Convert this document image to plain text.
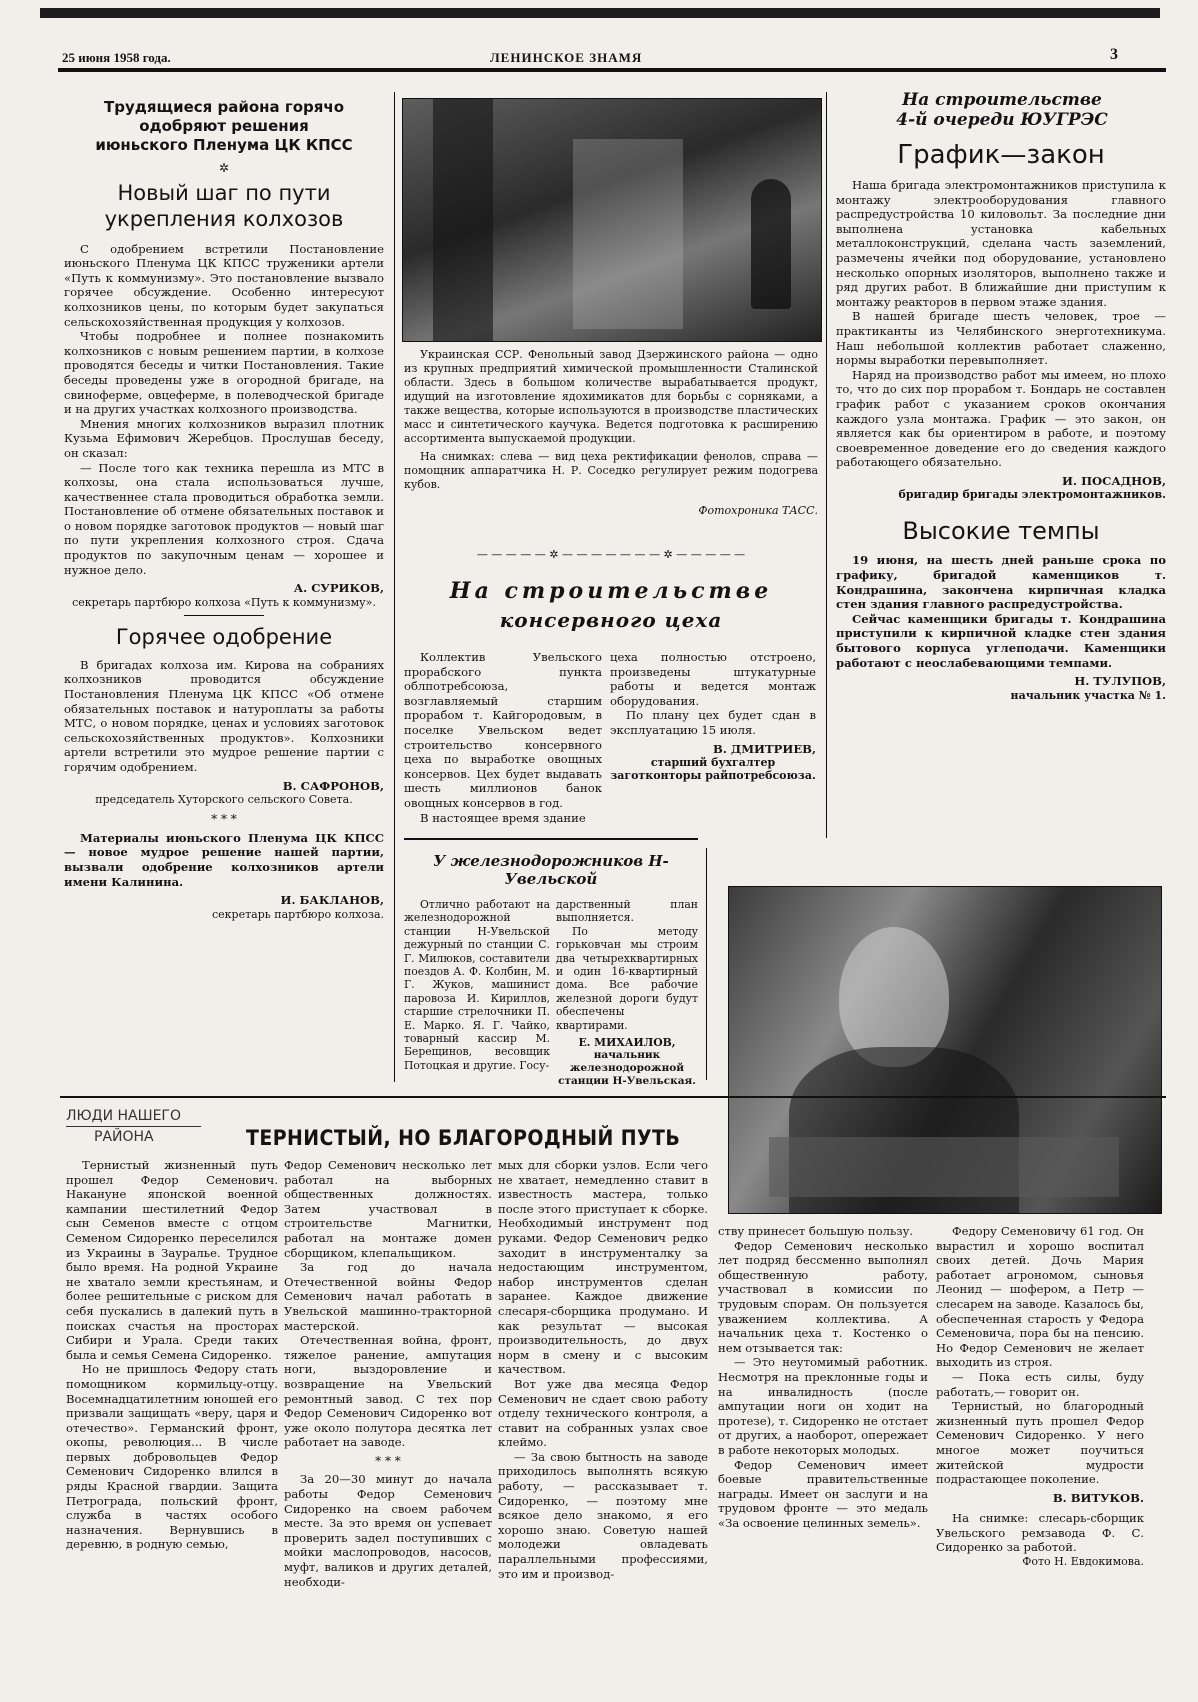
25 июня 1958 года.	ЛЕНИНСКОЕ ЗНАМЯ	3
Трудящиеся района горячо одобряют решения июньского Пленума ЦК КПСС
✲
Новый шаг по пути укрепления колхозов

С одобрением встретили Постановление июньского Пленума ЦК КПСС труженики артели «Путь к коммунизму». Это постановление вызвало горячее обсуждение. Особенно интересуют колхозников цены, по которым будет закупаться сельскохозяйственная продукция у колхозов.

Чтобы подробнее и полнее познакомить колхозников с новым решением партии, в колхозе проводятся беседы и читки Постановления. Такие беседы проведены уже в огородной бригаде, на свиноферме, овцеферме, в полеводческой бригаде и на других участках колхозного производства.

Мнения многих колхозников выразил плотник Кузьма Ефимович Жеребцов. Прослушав беседу, он сказал:

— После того как техника перешла из МТС в колхозы, она стала использоваться лучше, качественнее стала проводиться обработка земли. Постановление об отмене обязательных поставок и о новом порядке заготовок продуктов — новый шаг по пути укрепления колхозного строя. Сдача продуктов по закупочным ценам — хорошее и нужное дело.

А. СУРИКОВ,
секретарь партбюро колхоза «Путь к коммунизму».
Горячее одобрение

В бригадах колхоза им. Кирова на собраниях колхозников проводится обсуждение Постановления Пленума ЦК КПСС «Об отмене обязательных поставок и натуроплаты за работы МТС, о новом порядке, ценах и условиях заготовок сельскохозяйственных продуктов». Колхозники артели встретили это мудрое решение партии с горячим одобрением.

В. САФРОНОВ,
председатель Хуторского сельского Совета.
* * *

Материалы июньского Пленума ЦК КПСС — новое мудрое решение нашей партии, вызвали одобрение колхозников артели имени Калинина.

И. БАКЛАНОВ,
секретарь партбюро колхоза.

Украинская ССР. Фенольный завод Дзержинского района — одно из крупных предприятий химической промышленности Сталинской области. Здесь в большом количестве вырабатывается продукт, идущий на изготовление ядохимикатов для борьбы с сорняками, а также вещества, которые используются в производстве пластических масс и синтетического каучука. Ведется подготовка к расширению ассортимента выпускаемой продукции.

На снимках: слева — вид цеха ректификации фенолов, справа — помощник аппаратчика Н. Р. Соседко регулирует режим подогрева кубов.

Фотохроника ТАСС.
— — — — — ✲ — — — — — — — ✲ — — — — —
На строительстве
консервного цеха

Коллектив Увельского прорабского пункта облпотребсоюза, возглавляемый старшим прорабом т. Кайгородовым, в поселке Увельском ведет строительство консервного цеха по выработке овощных консервов. Цех будет выдавать шесть миллионов банок овощных консервов в год.

В настоящее время здание

цеха полностью отстроено, произведены штукатурные работы и ведется монтаж оборудования.

По плану цех будет сдан в эксплуатацию 15 июля.

В. ДМИТРИЕВ,
старший бухгалтер заготконторы райпотребсоюза.
У железнодорожников Н-Увельской

Отлично работают на железнодорожной станции Н-Увельской дежурный по станции С. Г. Милюков, составители поездов А. Ф. Колбин, М. Г. Жуков, машинист паровоза И. Кириллов, старшие стрелочники П. Е. Марко. Я. Г. Чайко, товарный кассир М. Берещинов, весовщик Потоцкая и другие. Госу-

дарственный план выполняется.

По методу горьковчан мы строим два четырехквартирных и один 16-квартирный дома. Все рабочие железной дороги будут обеспечены квартирами.

Е. МИХАИЛОВ,
начальник железнодорожной станции Н-Увельская.
На строительстве
4-й очереди ЮУГРЭС
График—закон

Наша бригада электромонтажников приступила к монтажу электрооборудования главного распредустройства 10 киловольт. За последние дни выполнена установка кабельных металлоконструкций, сделана часть заземлений, размечены ячейки под оборудование, установлено несколько опорных изоляторов, выполнено также и ряд других работ. В ближайшие дни приступим к монтажу реакторов в первом этаже здания.

В нашей бригаде шесть человек, трое — практиканты из Челябинского энерготехникума. Наш небольшой коллектив работает слаженно, нормы выработки перевыполняет.

Наряд на производство работ мы имеем, но плохо то, что до сих пор прорабом т. Бондарь не составлен график работ с указанием сроков окончания каждого узла монтажа. График — это закон, он является как бы ориентиром в работе, и поэтому своевременное доведение его до сведения каждого работающего обязательно.

И. ПОСАДНОВ,
бригадир бригады электромонтажников.
Высокие темпы

19 июня, на шесть дней раньше срока по графику, бригадой каменщиков т. Кондрашина, закончена кирпичная кладка стен здания главного распредустройства.

Сейчас каменщики бригады т. Кондрашина приступили к кирпичной кладке стен здания бытового корпуса углеподачи. Каменщики работают с неослабевающими темпами.

Н. ТУЛУПОВ,
начальник участка № 1.
ЛЮДИ НАШЕГО
РАЙОНА	ТЕРНИСТЫЙ, НО БЛАГОРОДНЫЙ ПУТЬ

Тернистый жизненный путь прошел Федор Семенович. Накануне японской военной кампании шестилетний Федор сын Семенов вместе с отцом Семеном Сидоренко переселился из Украины в Зауралье. Трудное было время. На родной Украине не хватало земли крестьянам, и более решительные с риском для себя пускались в далекий путь в поисках счастья на просторах Сибири и Урала. Среди таких была и семья Семена Сидоренко.

Но не пришлось Федору стать помощником кормильцу-отцу. Восемнадцатилетним юношей его призвали защищать «веру, царя и отечество». Германский фронт, окопы, революция... В числе первых добровольцев Федор Семенович Сидоренко влился в ряды Красной гвардии. Защита Петрограда, польский фронт, служба в частях особого назначения. Вернувшись в деревню, в родную семью,

Федор Семенович несколько лет работал на выборных общественных должностях. Затем участвовал в строительстве Магнитки, работал на монтаже домен сборщиком, клепальщиком.

За год до начала Отечественной войны Федор Семенович начал работать в Увельской машинно-тракторной мастерской.

Отечественная война, фронт, тяжелое ранение, ампутация ноги, выздоровление и возвращение на Увельский ремонтный завод. С тех пор Федор Семенович Сидоренко вот уже около полутора десятка лет работает на заводе.

* * *

За 20—30 минут до начала работы Федор Семенович Сидоренко на своем рабочем месте. За это время он успевает проверить задел поступивших с мойки маслопроводов, насосов, муфт, валиков и других деталей, необходи-

мых для сборки узлов. Если чего не хватает, немедленно ставит в известность мастера, только после этого приступает к сборке. Необходимый инструмент под руками. Федор Семенович редко заходит в инструменталку за недостающим инструментом, набор инструментов сделан заранее. Каждое движение слесаря-сборщика продумано. И как результат — высокая производительность, до двух норм в смену и с высоким качеством.

Вот уже два месяца Федор Семенович не сдает свою работу отделу технического контроля, а ставит на собранных узлах свое клеймо.

— За свою бытность на заводе приходилось выполнять всякую работу, — рассказывает т. Сидоренко, — поэтому мне всякое дело знакомо, я его хорошо знаю. Советую нашей молодежи овладевать параллельными профессиями, это им и производ-

ству принесет большую пользу.

Федор Семенович несколько лет подряд бессменно выполнял общественную работу, участвовал в комиссии по трудовым спорам. Он пользуется уважением коллектива. А начальник цеха т. Костенко о нем отзывается так:

— Это неутомимый работник. Несмотря на преклонные годы и на инвалидность (после ампутации ноги он ходит на протезе), т. Сидоренко не отстает от других, а наоборот, опережает в работе некоторых молодых.

Федор Семенович имеет боевые правительственные награды. Имеет он заслуги и на трудовом фронте — это медаль «За освоение целинных земель».

Федору Семеновичу 61 год. Он вырастил и хорошо воспитал своих детей. Дочь Мария работает агрономом, сыновья Леонид — шофером, а Петр — слесарем на заводе. Казалось бы, обеспеченная старость у Федора Семеновича, пора бы на пенсию. Но Федор Семенович не желает выходить из строя.

— Пока есть силы, буду работать,— говорит он.

Тернистый, но благородный жизненный путь прошел Федор Семенович Сидоренко. У него многое может поучиться житейской мудрости подрастающее поколение.

В. ВИТУКОВ.

На снимке: слесарь-сборщик Увельского ремзавода Ф. С. Сидоренко за работой.

Фото Н. Евдокимова.
